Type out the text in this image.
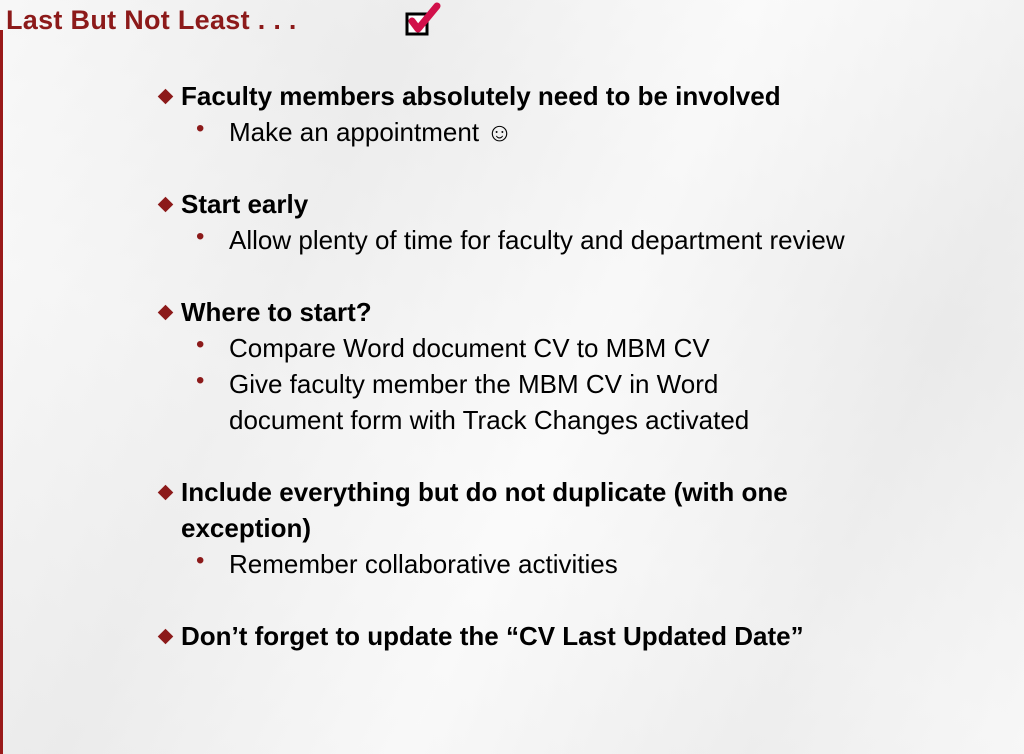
Last But Not Least . . .
Faculty members absolutely need to be involved
• Make an appointment ☺
Start early
• Allow plenty of time for faculty and department review
Where to start?
• Compare Word document CV to MBM CV
• Give faculty member the MBM CV in Word document form with Track Changes activated
Include everything but do not duplicate (with one exception)
• Remember collaborative activities
Don’t forget to update the “CV Last Updated Date”
